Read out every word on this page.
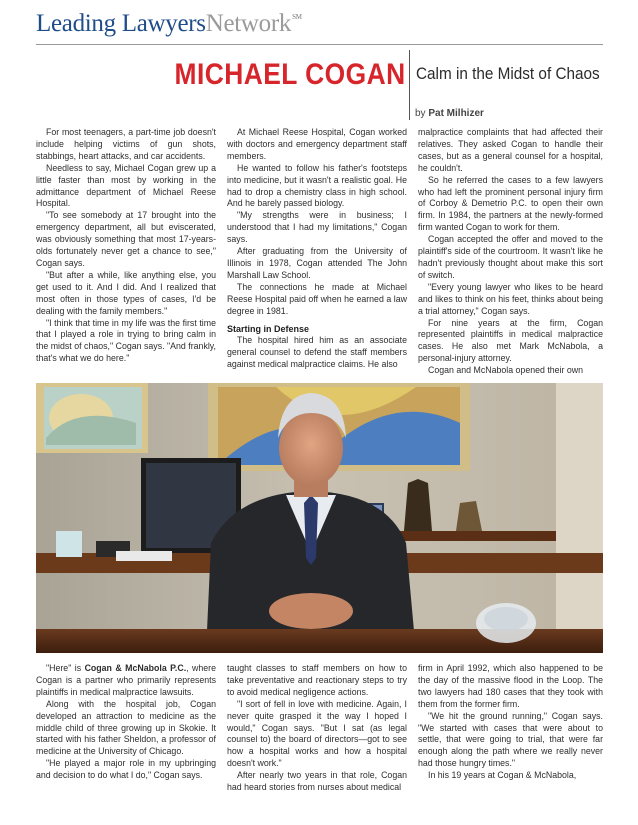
Leading LawyersNetwork℠
MICHAEL COGAN Calm in the Midst of Chaos
by Pat Milhizer

For most teenagers, a part-time job doesn't include helping victims of gun shots, stabbings, heart attacks, and car accidents.

Needless to say, Michael Cogan grew up a little faster than most by working in the admittance department of Michael Reese Hospital.

"To see somebody at 17 brought into the emergency department, all but eviscerated, was obviously something that most 17-years-olds fortunately never get a chance to see," Cogan says.

"But after a while, like anything else, you get used to it. And I did. And I realized that most often in those types of cases, I'd be dealing with the family members."

"I think that time in my life was the first time that I played a role in trying to bring calm in the midst of chaos," Cogan says. "And frankly, that's what we do here."

At Michael Reese Hospital, Cogan worked with doctors and emergency department staff members.

He wanted to follow his father's footsteps into medicine, but it wasn't a realistic goal. He had to drop a chemistry class in high school. And he barely passed biology.

"My strengths were in business; I understood that I had my limitations," Cogan says.

After graduating from the University of Illinois in 1978, Cogan attended The John Marshall Law School.

The connections he made at Michael Reese Hospital paid off when he earned a law degree in 1981.

Starting in Defense

The hospital hired him as an associate general counsel to defend the staff members against medical malpractice claims. He also

malpractice complaints that had affected their relatives. They asked Cogan to handle their cases, but as a general counsel for a hospital, he couldn't.

So he referred the cases to a few lawyers who had left the prominent personal injury firm of Corboy & Demetrio P.C. to open their own firm. In 1984, the partners at the newly-formed firm wanted Cogan to work for them.

Cogan accepted the offer and moved to the plaintiff's side of the courtroom. It wasn't like he hadn't previously thought about make this sort of switch.

"Every young lawyer who likes to be heard and likes to think on his feet, thinks about being a trial attorney," Cogan says.

For nine years at the firm, Cogan represented plaintiffs in medical malpractice cases. He also met Mark McNabola, a personal-injury attorney.

Cogan and McNabola opened their own

"Here" is Cogan & McNabola P.C., where Cogan is a partner who primarily represents plaintiffs in medical malpractice lawsuits.

Along with the hospital job, Cogan developed an attraction to medicine as the middle child of three growing up in Skokie. It started with his father Sheldon, a professor of medicine at the University of Chicago.

"He played a major role in my upbringing and decision to do what I do," Cogan says.

taught classes to staff members on how to take preventative and reactionary steps to try to avoid medical negligence actions.

"I sort of fell in love with medicine. Again, I never quite grasped it the way I hoped I would," Cogan says. "But I sat (as legal counsel to) the board of directors—got to see how a hospital works and how a hospital doesn't work."

After nearly two years in that role, Cogan had heard stories from nurses about medical

firm in April 1992, which also happened to be the day of the massive flood in the Loop. The two lawyers had 180 cases that they took with them from the former firm.

"We hit the ground running," Cogan says. "We started with cases that were about to settle, that were going to trial, that were far enough along the path where we really never had those hungry times."

In his 19 years at Cogan & McNabola,
